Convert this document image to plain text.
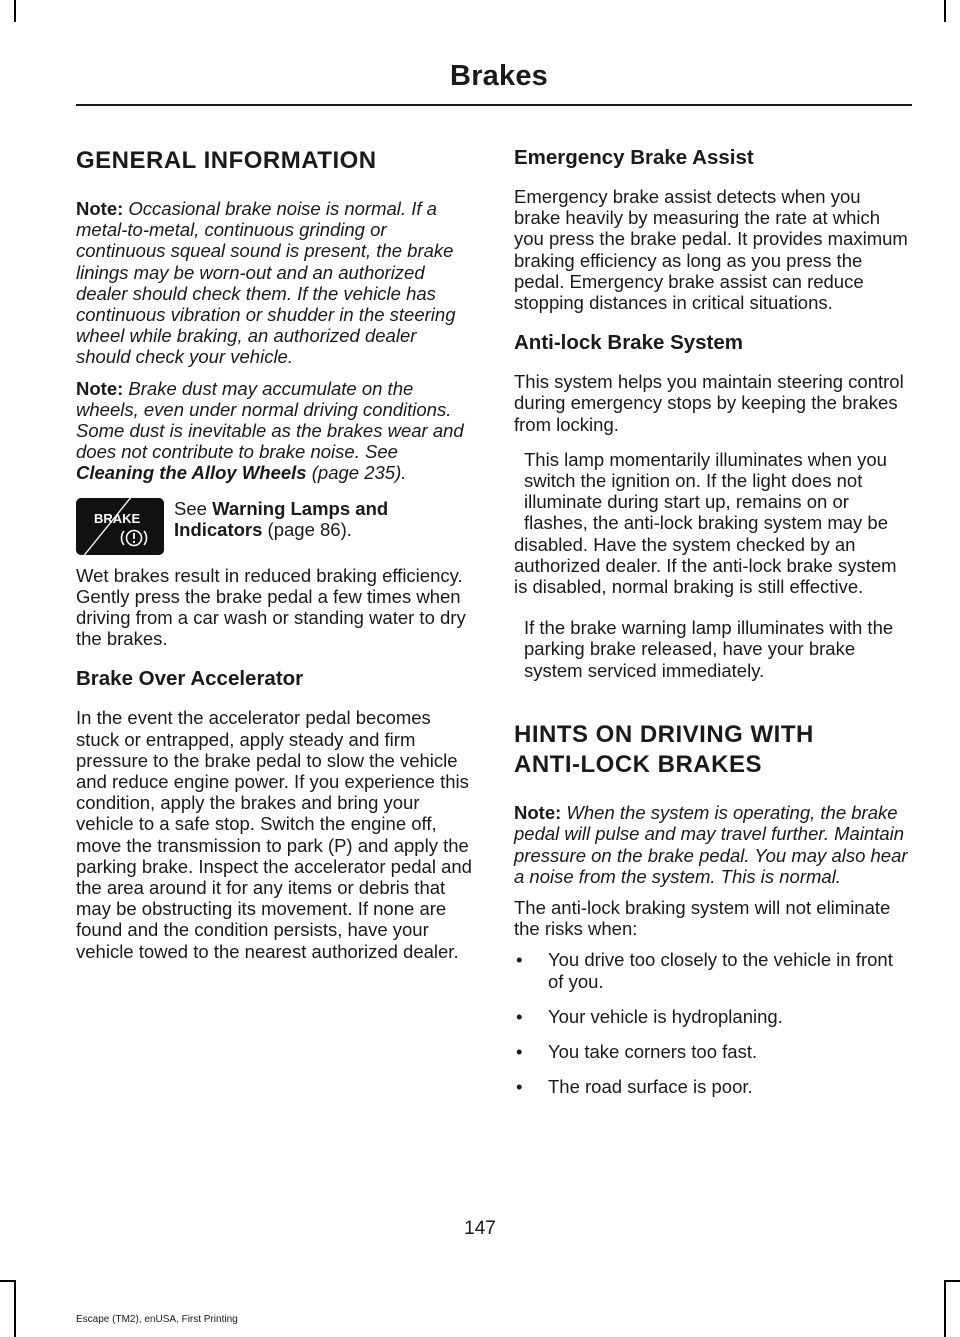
Brakes
GENERAL INFORMATION

Note: Occasional brake noise is normal. If a metal-to-metal, continuous grinding or continuous squeal sound is present, the brake linings may be worn-out and an authorized dealer should check them. If the vehicle has continuous vibration or shudder in the steering wheel while braking, an authorized dealer should check your vehicle.

Note: Brake dust may accumulate on the wheels, even under normal driving conditions. Some dust is inevitable as the brakes wear and does not contribute to brake noise. See Cleaning the Alloy Wheels (page 235).

BRAKE See Warning Lamps and Indicators (page 86).

Wet brakes result in reduced braking efficiency. Gently press the brake pedal a few times when driving from a car wash or standing water to dry the brakes.

Brake Over Accelerator

In the event the accelerator pedal becomes stuck or entrapped, apply steady and firm pressure to the brake pedal to slow the vehicle and reduce engine power. If you experience this condition, apply the brakes and bring your vehicle to a safe stop. Switch the engine off, move the transmission to park (P) and apply the parking brake. Inspect the accelerator pedal and the area around it for any items or debris that may be obstructing its movement. If none are found and the condition persists, have your vehicle towed to the nearest authorized dealer.

Emergency Brake Assist

Emergency brake assist detects when you brake heavily by measuring the rate at which you press the brake pedal. It provides maximum braking efficiency as long as you press the pedal. Emergency brake assist can reduce stopping distances in critical situations.

Anti-lock Brake System

This system helps you maintain steering control during emergency stops by keeping the brakes from locking.

ABS
This lamp momentarily illuminates when you switch the ignition on. If the light does not illuminate during start up, remains on or flashes, the anti-lock braking system may be disabled. Have the system checked by an authorized dealer. If the anti-lock brake system is disabled, normal braking is still effective.
BRAKE
If the brake warning lamp illuminates with the parking brake released, have your brake system serviced immediately.
HINTS ON DRIVING WITH
ANTI-LOCK BRAKES

Note: When the system is operating, the brake pedal will pulse and may travel further. Maintain pressure on the brake pedal. You may also hear a noise from the system. This is normal.

The anti-lock braking system will not eliminate the risks when:

• You drive too closely to the vehicle in front of you.
• Your vehicle is hydroplaning.
• You take corners too fast.
• The road surface is poor.
147
Escape (TM2), enUSA, First Printing
